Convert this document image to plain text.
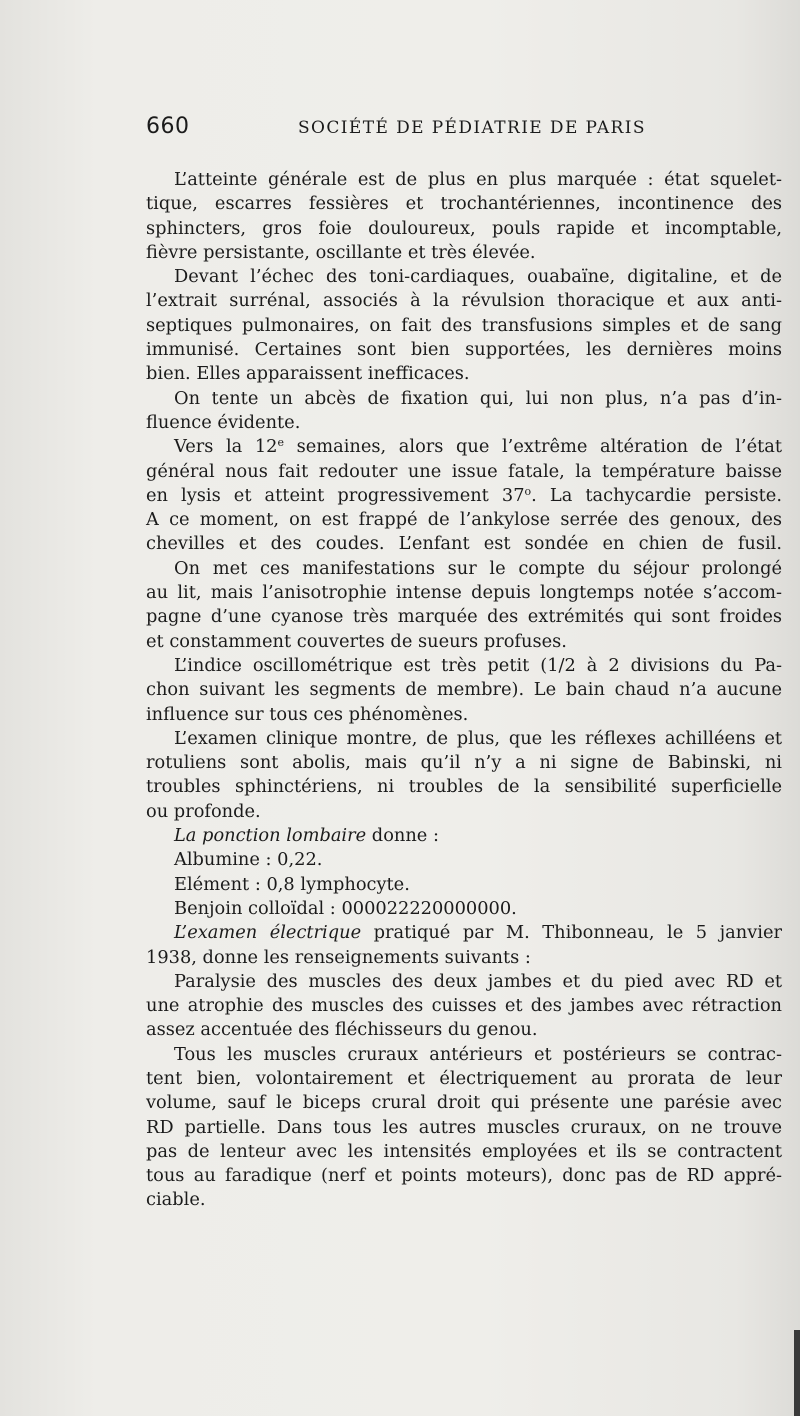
660	SOCIÉTÉ DE PÉDIATRIE DE PARIS
L’atteinte générale est de plus en plus marquée : état squelet-
tique, escarres fessières et trochantériennes, incontinence des
sphincters, gros foie douloureux, pouls rapide et incomptable,
fièvre persistante, oscillante et très élevée.
Devant l’échec des toni-cardiaques, ouabaïne, digitaline, et de
l’extrait surrénal, associés à la révulsion thoracique et aux anti-
septiques pulmonaires, on fait des transfusions simples et de sang
immunisé. Certaines sont bien supportées, les dernières moins
bien. Elles apparaissent inefficaces.
On tente un abcès de fixation qui, lui non plus, n’a pas d’in-
fluence évidente.
Vers la 12e semaines, alors que l’extrême altération de l’état
général nous fait redouter une issue fatale, la température baisse
en lysis et atteint progressivement 37$^o$. La tachycardie persiste.
A ce moment, on est frappé de l’ankylose serrée des genoux, des
chevilles et des coudes. L’enfant est sondée en chien de fusil.
On met ces manifestations sur le compte du séjour prolongé
au lit, mais l’anisotrophie intense depuis longtemps notée s’accom-
pagne d’une cyanose très marquée des extrémités qui sont froides
et constamment couvertes de sueurs profuses.
L’indice oscillométrique est très petit (1/2 à 2 divisions du Pa-
chon suivant les segments de membre). Le bain chaud n’a aucune
influence sur tous ces phénomènes.
L’examen clinique montre, de plus, que les réflexes achilléens et
rotuliens sont abolis, mais qu’il n’y a ni signe de Babinski, ni
troubles sphinctériens, ni troubles de la sensibilité superficielle
ou profonde.
La ponction lombaire donne :
Albumine : 0,22.
Elément : 0,8 lymphocyte.
Benjoin colloïdal : 000022220000000.
L’examen électrique pratiqué par M. Thibonneau, le 5 janvier
1938, donne les renseignements suivants :
Paralysie des muscles des deux jambes et du pied avec RD et
une atrophie des muscles des cuisses et des jambes avec rétraction
assez accentuée des fléchisseurs du genou.
Tous les muscles cruraux antérieurs et postérieurs se contrac-
tent bien, volontairement et électriquement au prorata de leur
volume, sauf le biceps crural droit qui présente une parésie avec
RD partielle. Dans tous les autres muscles cruraux, on ne trouve
pas de lenteur avec les intensités employées et ils se contractent
tous au faradique (nerf et points moteurs), donc pas de RD appré-
ciable.
